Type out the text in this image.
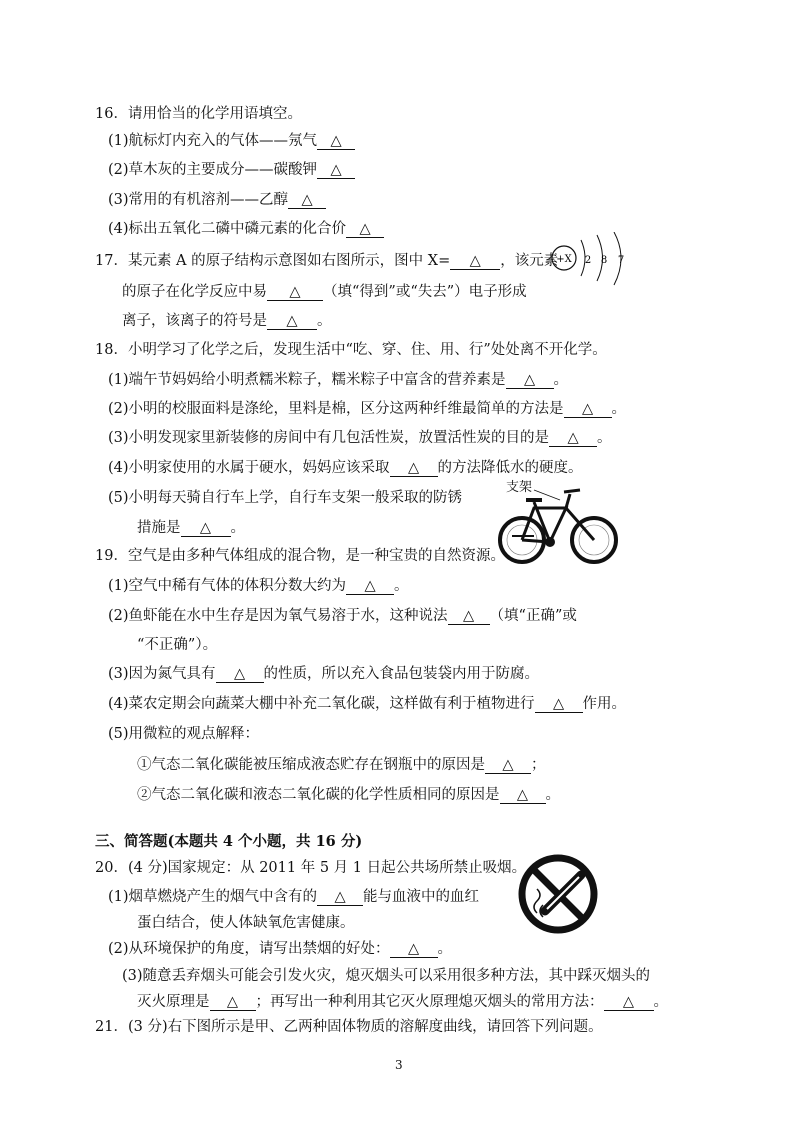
16．请用恰当的化学用语填空。
(1)航标灯内充入的气体——氖气 △
(2)草木灰的主要成分——碳酸钾 △
(3)常用的有机溶剂——乙醇 △
(4)标出五氧化二磷中磷元素的化合价 △
17．某元素 A 的原子结构示意图如右图所示，图中 X= △ ，该元素
的原子在化学反应中易 △ （填“得到”或“失去”）电子形成
离子，该离子的符号是 △ 。
+X 2 8 7
18．小明学习了化学之后，发现生活中“吃、穿、住、用、行”处处离不开化学。
(1)端午节妈妈给小明煮糯米粽子，糯米粽子中富含的营养素是 △ 。
(2)小明的校服面料是涤纶，里料是棉，区分这两种纤维最简单的方法是 △ 。
(3)小明发现家里新装修的房间中有几包活性炭，放置活性炭的目的是 △ 。
(4)小明家使用的水属于硬水，妈妈应该采取 △ 的方法降低水的硬度。
(5)小明每天骑自行车上学，自行车支架一般采取的防锈
措施是 △ 。
支架
19．空气是由多种气体组成的混合物，是一种宝贵的自然资源。
(1)空气中稀有气体的体积分数大约为 △ 。
(2)鱼虾能在水中生存是因为氧气易溶于水，这种说法 △ （填“正确”或
“不正确”）。
(3)因为氮气具有 △ 的性质，所以充入食品包装袋内用于防腐。
(4)菜农定期会向蔬菜大棚中补充二氧化碳，这样做有利于植物进行 △ 作用。
(5)用微粒的观点解释：
①气态二氧化碳能被压缩成液态贮存在钢瓶中的原因是 △ ；
②气态二氧化碳和液态二氧化碳的化学性质相同的原因是 △ 。
三、简答题(本题共 4 个小题，共 16 分)
20．(4 分)国家规定：从 2011 年 5 月 1 日起公共场所禁止吸烟。
(1)烟草燃烧产生的烟气中含有的 △ 能与血液中的血红
蛋白结合，使人体缺氧危害健康。
(2)从环境保护的角度，请写出禁烟的好处： △ 。
(3)随意丢弃烟头可能会引发火灾，熄灭烟头可以采用很多种方法，其中踩灭烟头的
灭火原理是 △ ；再写出一种利用其它灭火原理熄灭烟头的常用方法： △ 。
21．(3 分)右下图所示是甲、乙两种固体物质的溶解度曲线，请回答下列问题。
3
